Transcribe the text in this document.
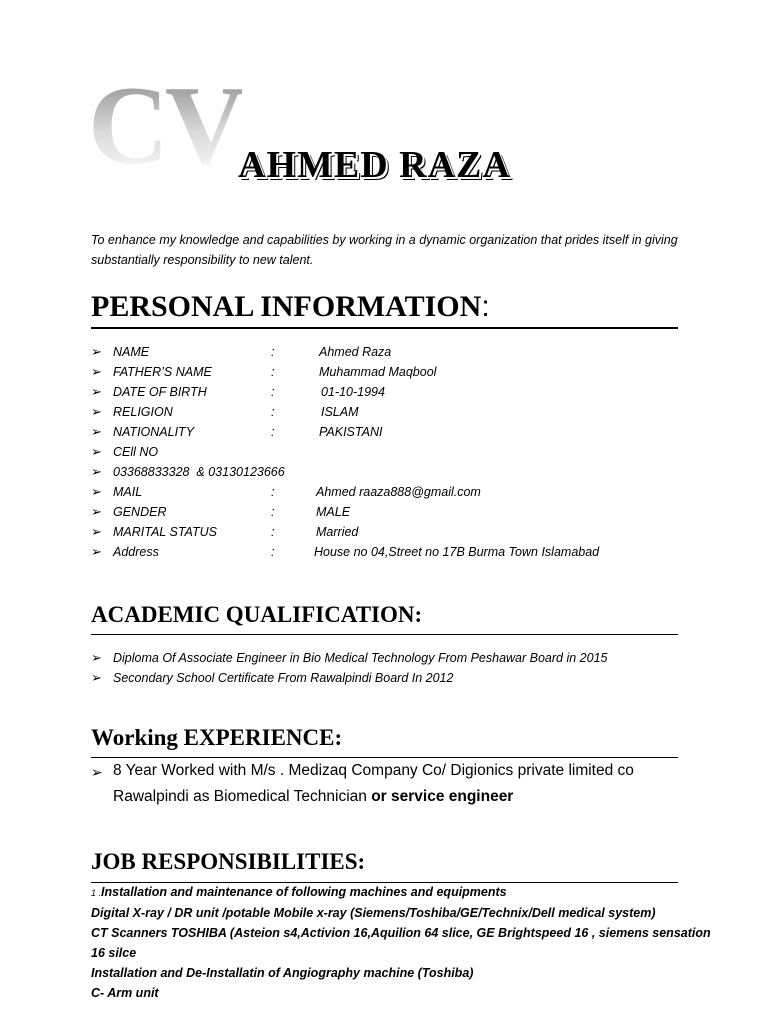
CV
AHMED RAZA
To enhance my knowledge and capabilities by working in a dynamic organization that prides itself in giving substantially responsibility to new talent.
PERSONAL INFORMATION:
➢ NAME	:	Ahmed Raza
➢ FATHER’S NAME	:	Muhammad Maqbool
➢ DATE OF BIRTH	:	01-10-1994
➢ RELIGION	:	ISLAM
➢ NATIONALITY	:	PAKISTANI
➢ CEll NO
➢ 03368833328  & 03130123666
➢ MAIL	:	Ahmed raaza888@gmail.com
➢ GENDER	:	MALE
➢ MARITAL STATUS	:	Married
➢ Address	:	House no 04,Street no 17B Burma Town Islamabad
ACADEMIC QUALIFICATION:
➢ Diploma Of Associate Engineer in Bio Medical Technology From Peshawar Board in 2015
➢ Secondary School Certificate From Rawalpindi Board In 2012
Working EXPERIENCE:
➢ 8 Year Worked with M/s . Medizaq Company Co/ Digionics private limited co
Rawalpindi as Biomedical Technician or service engineer
JOB RESPONSIBILITIES:
1 .Installation and maintenance of following machines and equipments
Digital X-ray / DR unit /potable Mobile x-ray (Siemens/Toshiba/GE/Technix/Dell medical system)
CT Scanners TOSHIBA (Asteion s4,Activion 16,Aquilion 64 slice, GE Brightspeed 16 , siemens sensation
16 silce
Installation and De-Installatin of Angiography machine (Toshiba)
C- Arm unit
